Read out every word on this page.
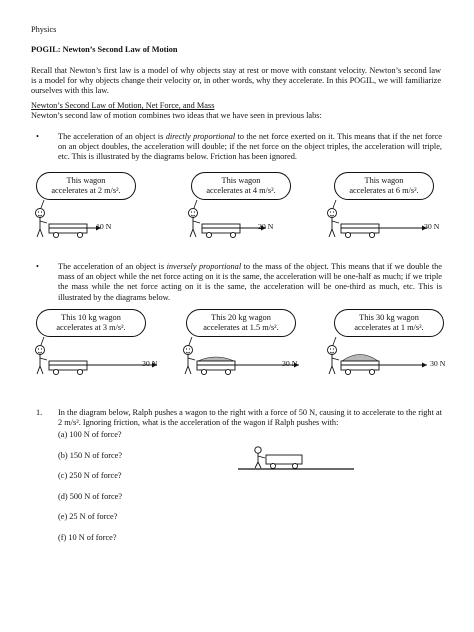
Physics
POGIL: Newton’s Second Law of Motion
Recall that Newton’s first law is a model of why objects stay at rest or move with constant velocity. Newton’s second law is a model for why objects change their velocity or, in other words, why they accelerate. In this POGIL, we will familiarize ourselves with this law.
Newton’s Second Law of Motion, Net Force, and Mass
Newton’s second law of motion combines two ideas that we have seen in previous labs:
• The acceleration of an object is directly proportional to the net force exerted on it. This means that if the net force on an object doubles, the acceleration will double; if the net force on the object triples, the acceleration will triple, etc. This is illustrated by the diagrams below. Friction has been ignored.
This wagon
accelerates at 2 m/s².
10 N
This wagon
accelerates at 4 m/s².
20 N
This wagon
accelerates at 6 m/s².
30 N
• The acceleration of an object is inversely proportional to the mass of the object. This means that if we double the mass of an object while the net force acting on it is the same, the acceleration will be one-half as much; if we triple the mass while the net force acting on it is the same, the acceleration will be one-third as much, etc. This is illustrated by the diagrams below.
This 10 kg wagon
accelerates at 3 m/s².
30 N
This 20 kg wagon
accelerates at 1.5 m/s².
30 N
This 30 kg wagon
accelerates at 1 m/s².
30 N
1. In the diagram below, Ralph pushes a wagon to the right with a force of 50 N, causing it to accelerate to the right at 2 m/s². Ignoring friction, what is the acceleration of the wagon if Ralph pushes with:
(a) 100 N of force?
(b) 150 N of force?
(c) 250 N of force?
(d) 500 N of force?
(e) 25 N of force?
(f) 10 N of force?
